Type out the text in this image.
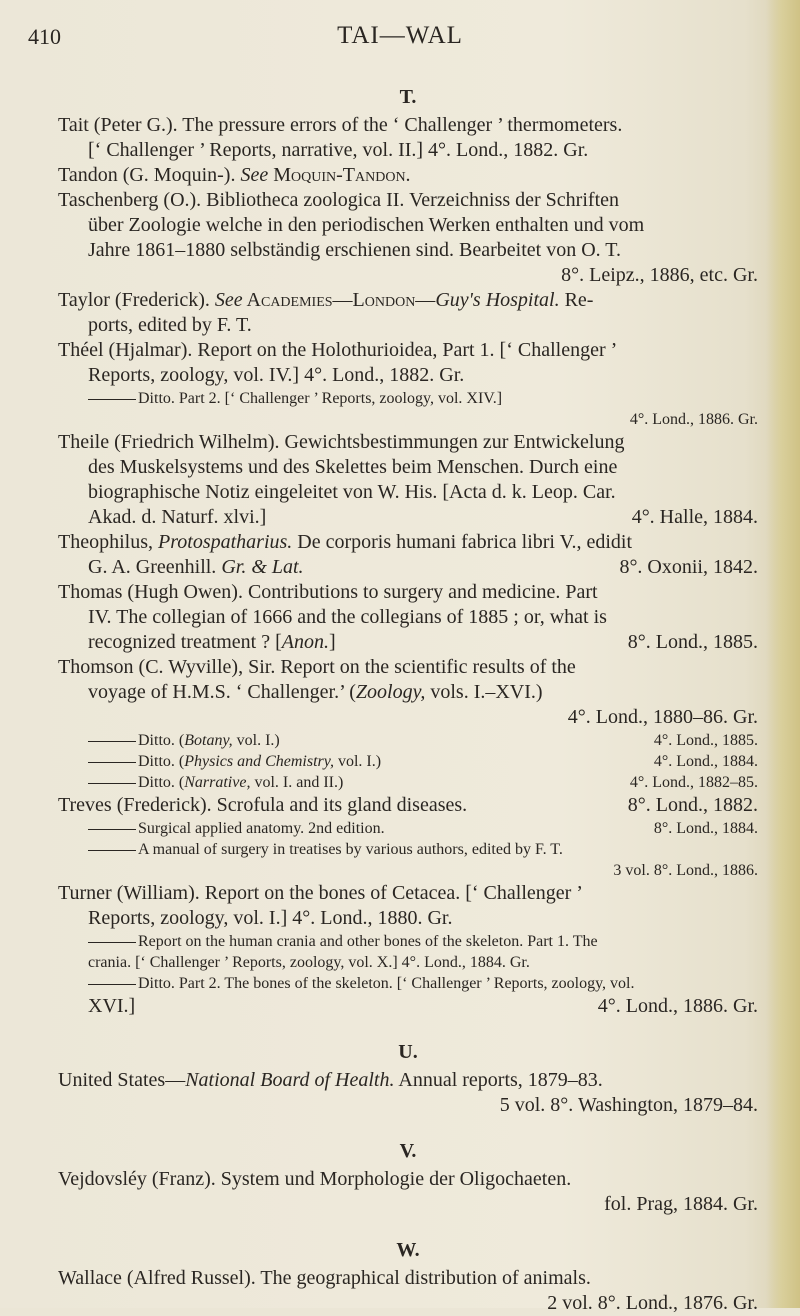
410	TAI—WAL
T.
Tait (Peter G.). The pressure errors of the ‘ Challenger ’ thermometers.
[‘ Challenger ’ Reports, narrative, vol. II.] 4°. Lond., 1882. Gr.
Tandon (G. Moquin-). See Moquin-Tandon.
Taschenberg (O.). Bibliotheca zoologica II. Verzeichniss der Schriften
über Zoologie welche in den periodischen Werken enthalten und vom
Jahre 1861–1880 selbständig erschienen sind. Bearbeitet von O. T.
8°. Leipz., 1886, etc. Gr.
Taylor (Frederick). See Academies—London—Guy's Hospital. Re-
ports, edited by F. T.
Théel (Hjalmar). Report on the Holothurioidea, Part 1. [‘ Challenger ’
Reports, zoology, vol. IV.] 4°. Lond., 1882. Gr.
Ditto. Part 2. [‘ Challenger ’ Reports, zoology, vol. XIV.]
4°. Lond., 1886. Gr.
Theile (Friedrich Wilhelm). Gewichtsbestimmungen zur Entwickelung
des Muskelsystems und des Skelettes beim Menschen. Durch eine
biographische Notiz eingeleitet von W. His. [Acta d. k. Leop. Car.
Akad. d. Naturf. xlvi.]	4°. Halle, 1884.
Theophilus, Protospatharius. De corporis humani fabrica libri V., edidit
G. A. Greenhill. Gr. & Lat.	8°. Oxonii, 1842.
Thomas (Hugh Owen). Contributions to surgery and medicine. Part
IV. The collegian of 1666 and the collegians of 1885 ; or, what is
recognized treatment ? [Anon.]	8°. Lond., 1885.
Thomson (C. Wyville), Sir. Report on the scientific results of the
voyage of H.M.S. ‘ Challenger.’ (Zoology, vols. I.–XVI.)
4°. Lond., 1880–86. Gr.
Ditto. (Botany, vol. I.)	4°. Lond., 1885.
Ditto. (Physics and Chemistry, vol. I.)	4°. Lond., 1884.
Ditto. (Narrative, vol. I. and II.)	4°. Lond., 1882–85.
Treves (Frederick). Scrofula and its gland diseases.	8°. Lond., 1882.
Surgical applied anatomy. 2nd edition.	8°. Lond., 1884.
A manual of surgery in treatises by various authors, edited by F. T.
3 vol. 8°. Lond., 1886.
Turner (William). Report on the bones of Cetacea. [‘ Challenger ’
Reports, zoology, vol. I.] 4°. Lond., 1880. Gr.
Report on the human crania and other bones of the skeleton. Part 1. The
crania. [‘ Challenger ’ Reports, zoology, vol. X.] 4°. Lond., 1884. Gr.
Ditto. Part 2. The bones of the skeleton. [‘ Challenger ’ Reports, zoology, vol.
XVI.]	4°. Lond., 1886. Gr.
U.
United States—National Board of Health. Annual reports, 1879–83.
5 vol. 8°. Washington, 1879–84.
V.
Vejdovsléy (Franz). System und Morphologie der Oligochaeten.
fol. Prag, 1884. Gr.
W.
Wallace (Alfred Russel). The geographical distribution of animals.
2 vol. 8°. Lond., 1876. Gr.
